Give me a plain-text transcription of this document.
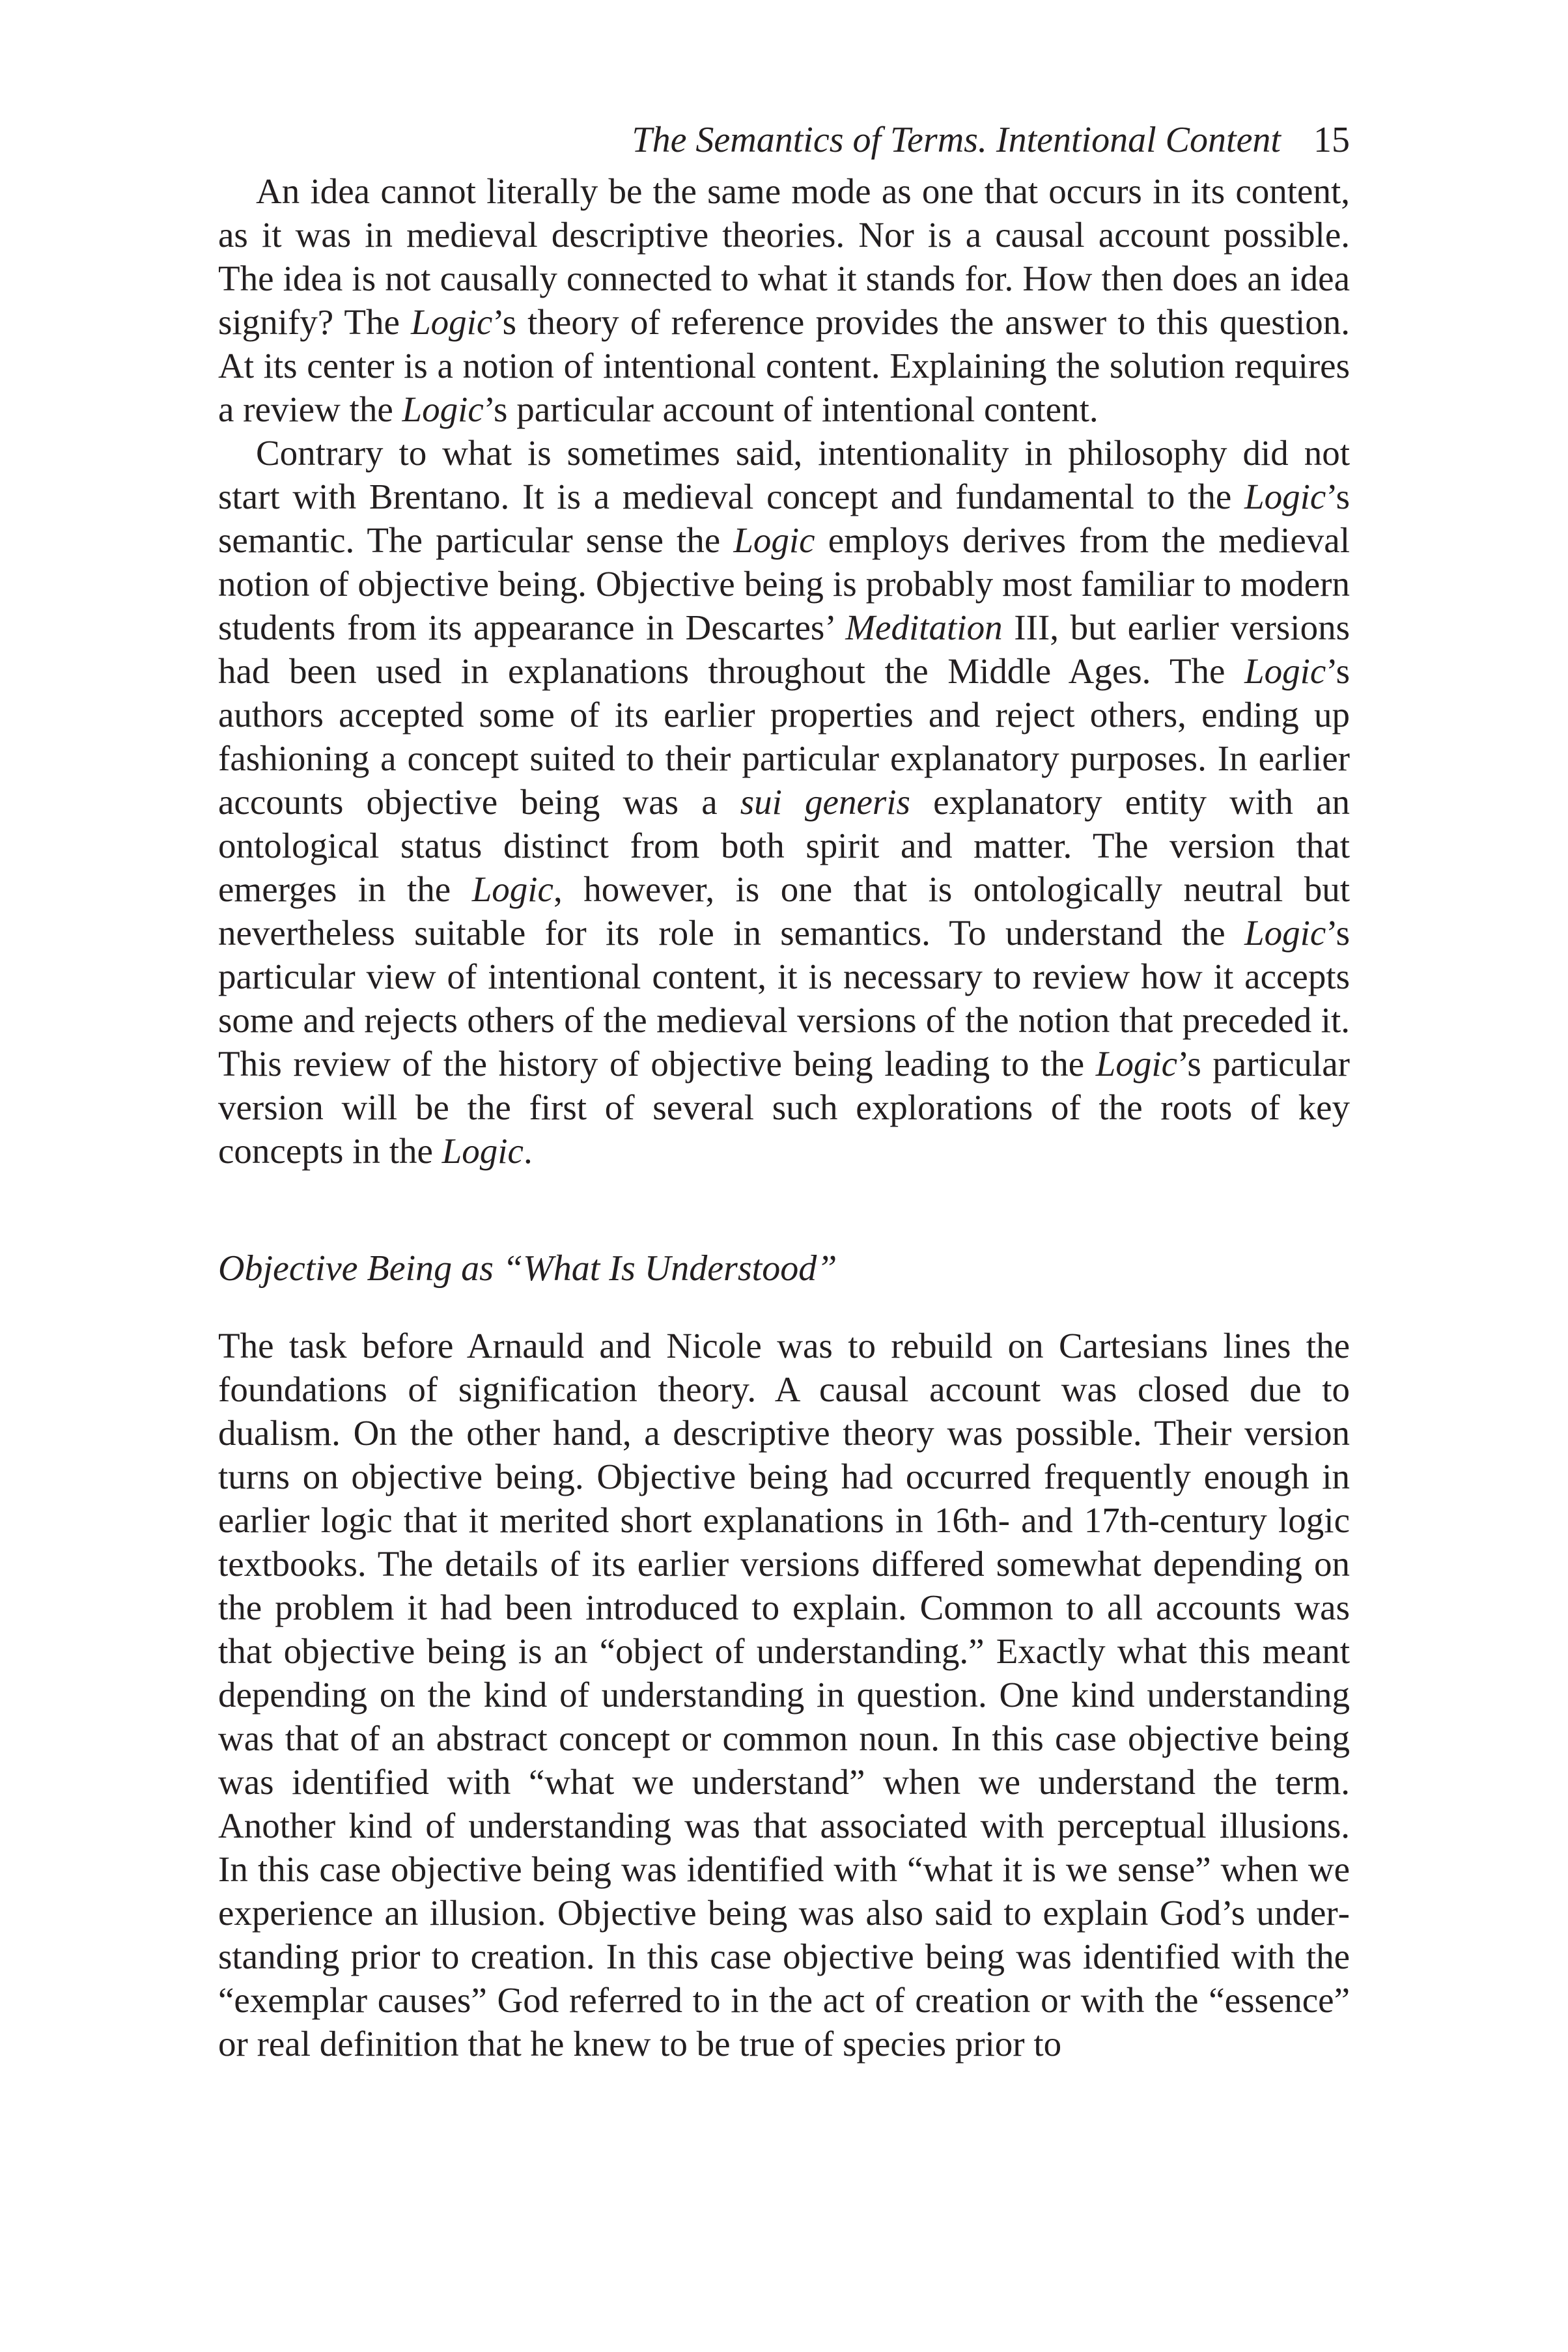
The Semantics of Terms. Intentional Content 15

An idea cannot literally be the same mode as one that occurs in its content, as it was in medieval descriptive theories. Nor is a causal account possible. The idea is not causally connected to what it stands for. How then does an idea signify? The Logic’s theory of reference provides the answer to this question. At its center is a notion of intentional content. Explaining the solution requires a review the Logic’s particular account of intentional content.

Contrary to what is sometimes said, intentionality in philosophy did not start with Brentano. It is a medieval concept and fundamental to the Logic’s semantic. The particular sense the Logic employs derives from the medieval notion of objective being. Objective being is probably most familiar to modern students from its appearance in Descartes’ Meditation III, but earlier versions had been used in explanations throughout the Middle Ages. The Logic’s authors accepted some of its earlier properties and reject others, ending up fashioning a concept suited to their particular explanatory purposes. In earlier accounts objective being was a sui generis explanatory entity with an ontological status distinct from both spirit and matter. The version that emerges in the Logic, however, is one that is ontologically neutral but nevertheless suitable for its role in semantics. To understand the Logic’s particular view of intentional content, it is necessary to review how it accepts some and rejects others of the medieval versions of the notion that preceded it. This review of the history of objective being leading to the Logic’s particular version will be the first of several such explorations of the roots of key concepts in the Logic.

Objective Being as “What Is Understood”

The task before Arnauld and Nicole was to rebuild on Cartesians lines the foundations of signification theory. A causal account was closed due to dualism. On the other hand, a descriptive theory was possible. Their version turns on objective being. Objective being had occurred frequently enough in earlier logic that it merited short explanations in 16th- and 17th-century logic textbooks. The details of its earlier versions differed somewhat depending on the problem it had been introduced to explain. Common to all accounts was that objective being is an “object of understanding.” Exactly what this meant depending on the kind of understanding in question. One kind understanding was that of an abstract concept or common noun. In this case objective being was identified with “what we understand” when we understand the term. Another kind of understanding was that associated with perceptual illusions. In this case objective being was identified with “what it is we sense” when we experience an illusion. Objective being was also said to explain God’s understanding prior to creation. In this case objective being was identified with the “exemplar causes” God referred to in the act of creation or with the “essence” or real definition that he knew to be true of species prior to
